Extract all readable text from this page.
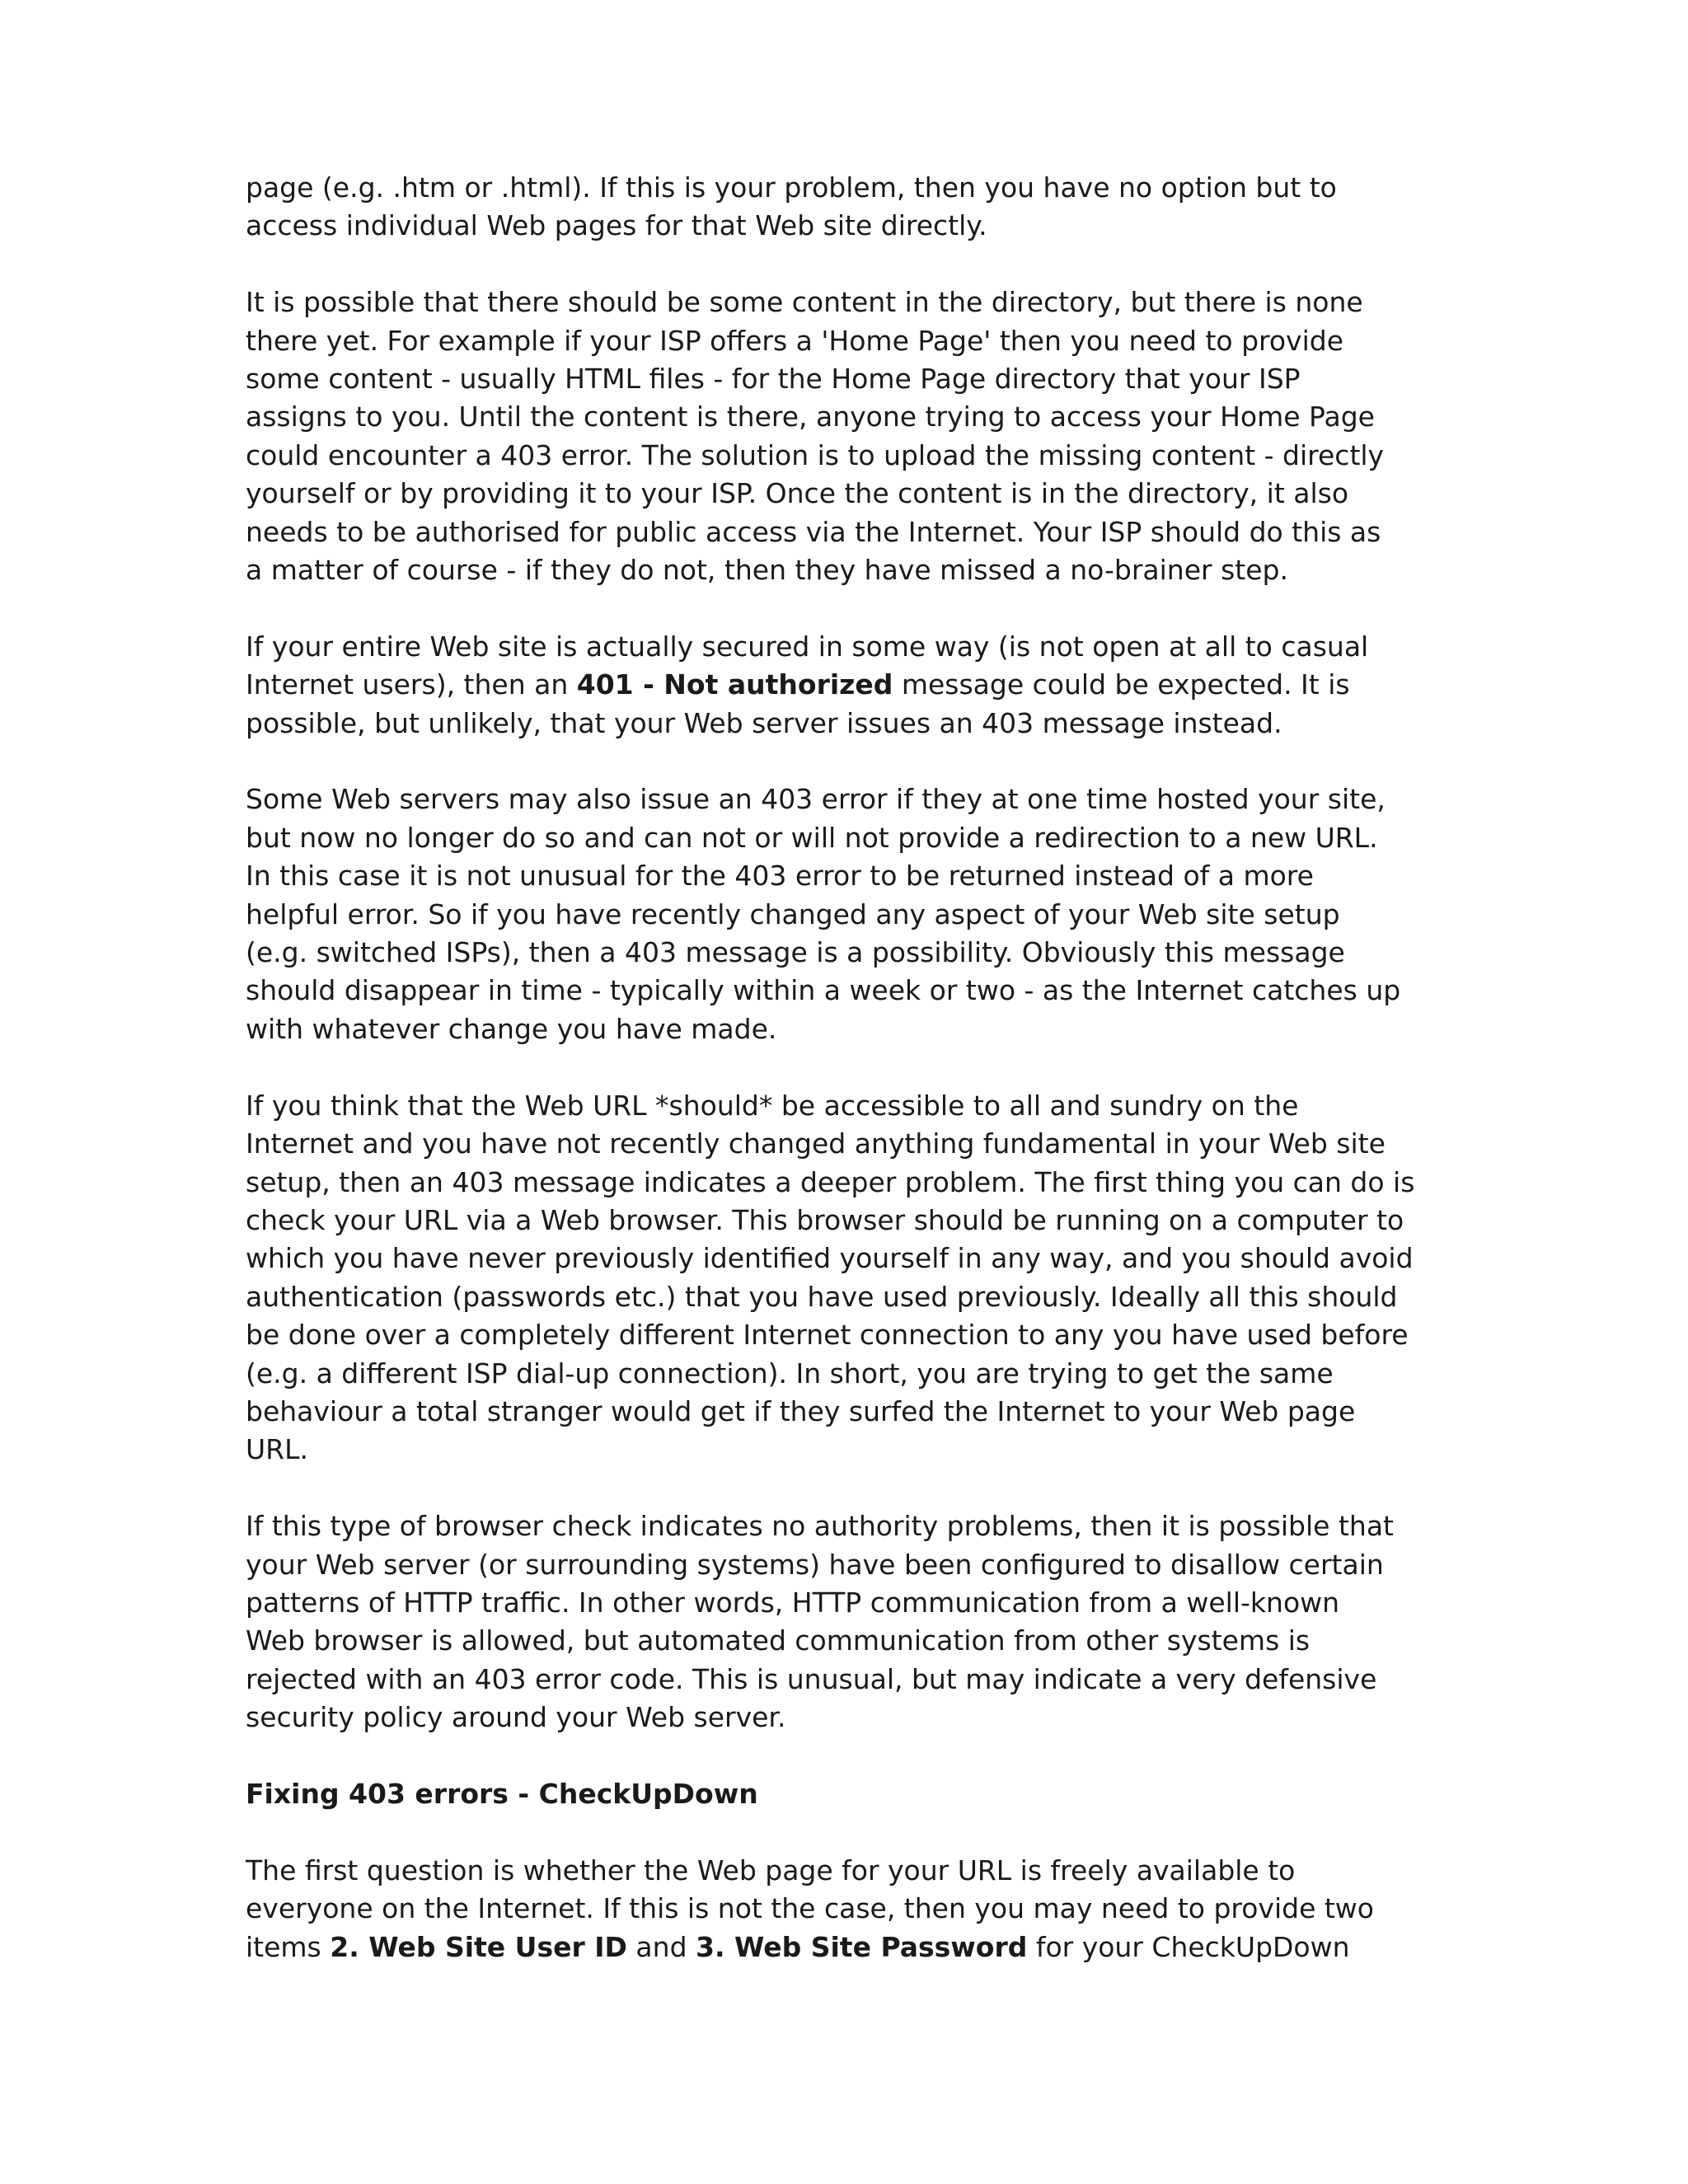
page (e.g. .htm or .html). If this is your problem, then you have no option but to
access individual Web pages for that Web site directly.

It is possible that there should be some content in the directory, but there is none
there yet. For example if your ISP offers a 'Home Page' then you need to provide
some content - usually HTML files - for the Home Page directory that your ISP
assigns to you. Until the content is there, anyone trying to access your Home Page
could encounter a 403 error. The solution is to upload the missing content - directly
yourself or by providing it to your ISP. Once the content is in the directory, it also
needs to be authorised for public access via the Internet. Your ISP should do this as
a matter of course - if they do not, then they have missed a no-brainer step.

If your entire Web site is actually secured in some way (is not open at all to casual
Internet users), then an 401 - Not authorized message could be expected. It is
possible, but unlikely, that your Web server issues an 403 message instead.

Some Web servers may also issue an 403 error if they at one time hosted your site,
but now no longer do so and can not or will not provide a redirection to a new URL.
In this case it is not unusual for the 403 error to be returned instead of a more
helpful error. So if you have recently changed any aspect of your Web site setup
(e.g. switched ISPs), then a 403 message is a possibility. Obviously this message
should disappear in time - typically within a week or two - as the Internet catches up
with whatever change you have made.

If you think that the Web URL *should* be accessible to all and sundry on the
Internet and you have not recently changed anything fundamental in your Web site
setup, then an 403 message indicates a deeper problem. The first thing you can do is
check your URL via a Web browser. This browser should be running on a computer to
which you have never previously identified yourself in any way, and you should avoid
authentication (passwords etc.) that you have used previously. Ideally all this should
be done over a completely different Internet connection to any you have used before
(e.g. a different ISP dial-up connection). In short, you are trying to get the same
behaviour a total stranger would get if they surfed the Internet to your Web page
URL.

If this type of browser check indicates no authority problems, then it is possible that
your Web server (or surrounding systems) have been configured to disallow certain
patterns of HTTP traffic. In other words, HTTP communication from a well-known
Web browser is allowed, but automated communication from other systems is
rejected with an 403 error code. This is unusual, but may indicate a very defensive
security policy around your Web server.

Fixing 403 errors - CheckUpDown

The first question is whether the Web page for your URL is freely available to
everyone on the Internet. If this is not the case, then you may need to provide two
items 2. Web Site User ID and 3. Web Site Password for your CheckUpDown
